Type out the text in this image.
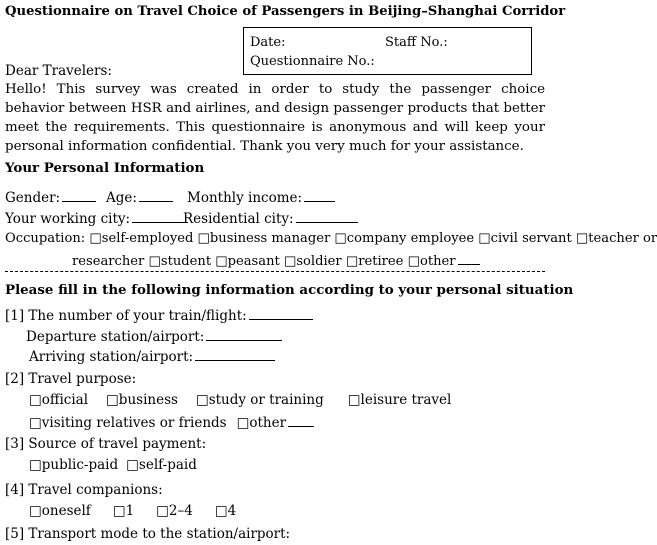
Questionnaire on Travel Choice of Passengers in Beijing–Shanghai Corridor
Date:	Staff No.:
Questionnaire No.:
Dear Travelers:
Hello! This survey was created in order to study the passenger choice behavior between HSR and airlines, and design passenger products that better meet the requirements. This questionnaire is anonymous and will keep your personal information confidential. Thank you very much for your assistance.
Your Personal Information
Gender:	Age:	Monthly income:
Your working city:	Residential city:
Occupation: □self-employed □business manager □company employee □civil servant □teacher or
researcher □student □peasant □soldier □retiree □other
Please fill in the following information according to your personal situation
[1] The number of your train/flight:
Departure station/airport:
Arriving station/airport:
[2] Travel purpose:
□official □business □study or training □leisure travel
□visiting relatives or friends □other
[3] Source of travel payment:
□public-paid □self-paid
[4] Travel companions:
□oneself □1 □2–4 □4
[5] Transport mode to the station/airport:
